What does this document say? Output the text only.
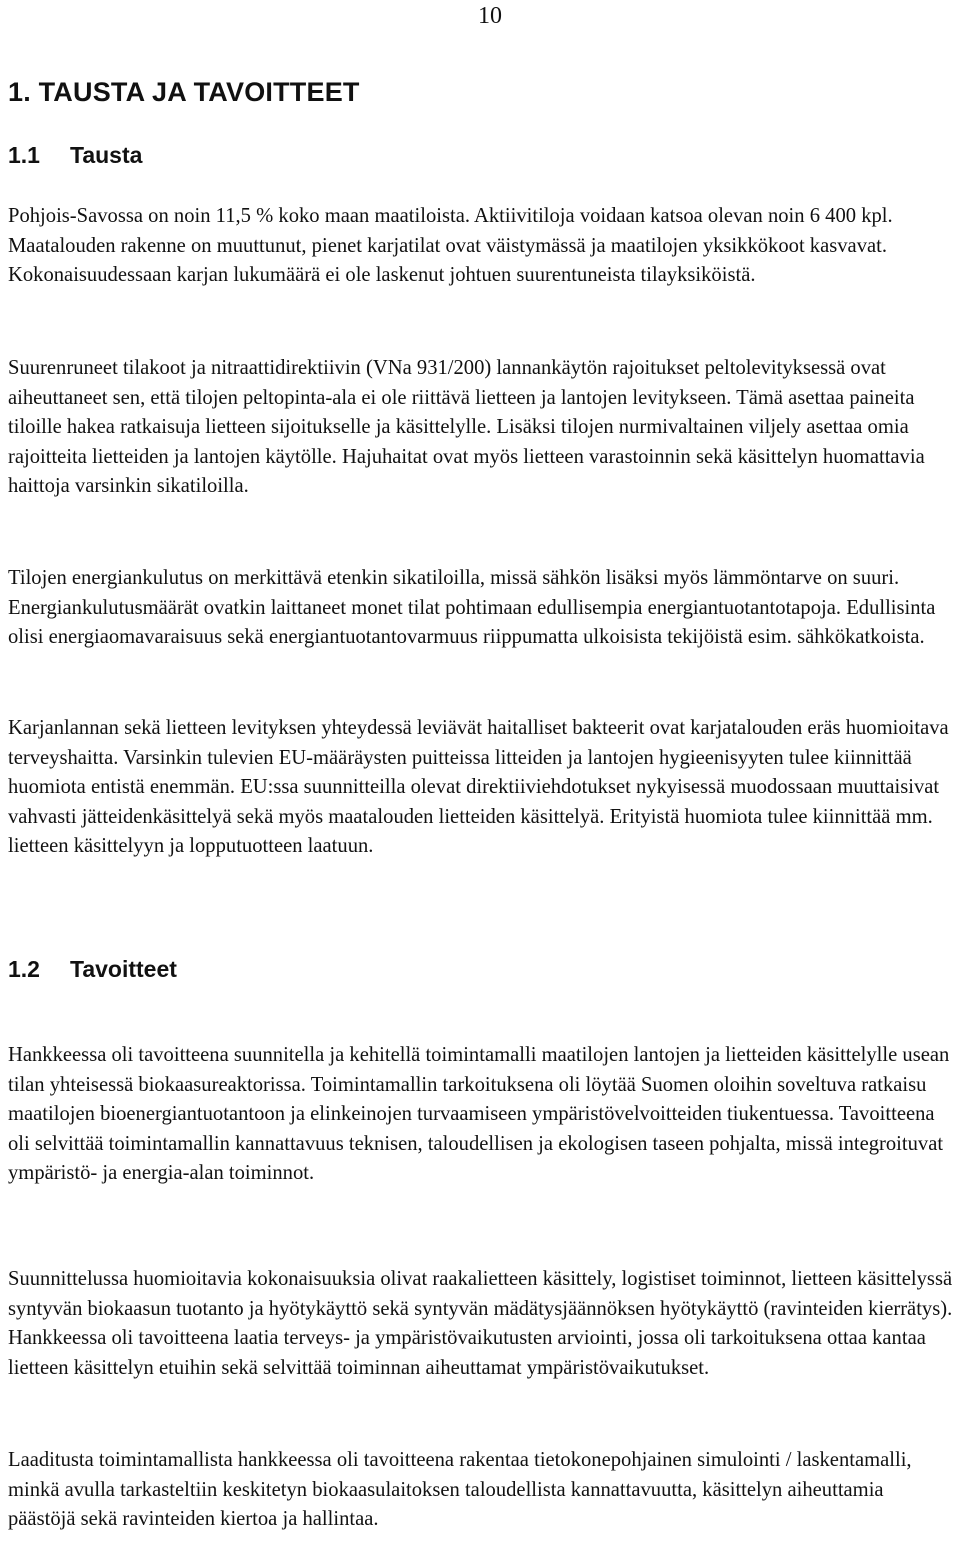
10
1. TAUSTA JA TAVOITTEET
1.1 Tausta

Pohjois-Savossa on noin 11,5 % koko maan maatiloista. Aktiivitiloja voidaan katsoa olevan noin 6 400 kpl. Maatalouden rakenne on muuttunut, pienet karjatilat ovat väistymässä ja maatilojen yksikkökoot kasvavat. Kokonaisuudessaan karjan lukumäärä ei ole laskenut johtuen suurentuneista tilayksiköistä.

Suurenruneet tilakoot ja nitraattidirektiivin (VNa 931/200) lannankäytön rajoitukset peltolevityksessä ovat aiheuttaneet sen, että tilojen peltopinta-ala ei ole riittävä lietteen ja lantojen levitykseen. Tämä asettaa paineita tiloille hakea ratkaisuja lietteen sijoitukselle ja käsittelylle. Lisäksi tilojen nurmivaltainen viljely asettaa omia rajoitteita lietteiden ja lantojen käytölle. Hajuhaitat ovat myös lietteen varastoinnin sekä käsittelyn huomattavia haittoja varsinkin sikatiloilla.

Tilojen energiankulutus on merkittävä etenkin sikatiloilla, missä sähkön lisäksi myös lämmöntarve on suuri. Energiankulutusmäärät ovatkin laittaneet monet tilat pohtimaan edullisempia energiantuotantotapoja. Edullisinta olisi energiaomavaraisuus sekä energiantuotantovarmuus riippumatta ulkoisista tekijöistä esim. sähkökatkoista.

Karjanlannan sekä lietteen levityksen yhteydessä leviävät haitalliset bakteerit ovat karjatalouden eräs huomioitava terveyshaitta. Varsinkin tulevien EU-määräysten puitteissa litteiden ja lantojen hygieenisyyten tulee kiinnittää huomiota entistä enemmän. EU:ssa suunnitteilla olevat direktiiviehdotukset nykyisessä muodossaan muuttaisivat vahvasti jätteidenkäsittelyä sekä myös maatalouden lietteiden käsittelyä. Erityistä huomiota tulee kiinnittää mm. lietteen käsittelyyn ja lopputuotteen laatuun.

1.2 Tavoitteet

Hankkeessa oli tavoitteena suunnitella ja kehitellä toimintamalli maatilojen lantojen ja lietteiden käsittelylle usean tilan yhteisessä biokaasureaktorissa. Toimintamallin tarkoituksena oli löytää Suomen oloihin soveltuva ratkaisu maatilojen bioenergiantuotantoon ja elinkeinojen turvaamiseen ympäristövelvoitteiden tiukentuessa. Tavoitteena oli selvittää toimintamallin kannattavuus teknisen, taloudellisen ja ekologisen taseen pohjalta, missä integroituvat ympäristö- ja energia-alan toiminnot.

Suunnittelussa huomioitavia kokonaisuuksia olivat raakalietteen käsittely, logistiset toiminnot, lietteen käsittelyssä syntyvän biokaasun tuotanto ja hyötykäyttö sekä syntyvän mädätysjäännöksen hyötykäyttö (ravinteiden kierrätys). Hankkeessa oli tavoitteena laatia terveys- ja ympäristövaikutusten arviointi, jossa oli tarkoituksena ottaa kantaa lietteen käsittelyn etuihin sekä selvittää toiminnan aiheuttamat ympäristövaikutukset.

Laaditusta toimintamallista hankkeessa oli tavoitteena rakentaa tietokonepohjainen simulointi / laskentamalli, minkä avulla tarkasteltiin keskitetyn biokaasulaitoksen taloudellista kannattavuutta, käsittelyn aiheuttamia päästöjä sekä ravinteiden kiertoa ja hallintaa.
